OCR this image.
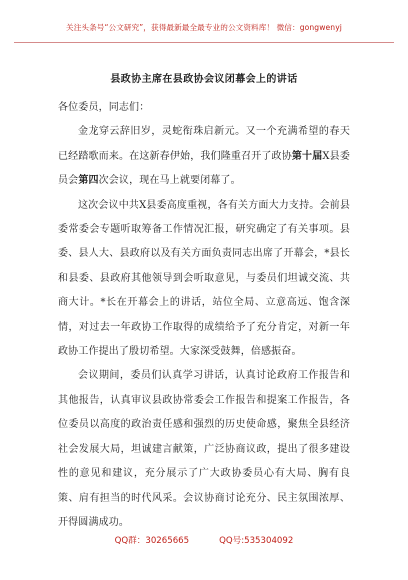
关注头条号“公文研究”，获得最新最全最专业的公文资料库！ 微信：gongwenyj
县政协主席在县政协会议闭幕会上的讲话

各位委员，同志们：

金龙穿云辞旧岁，灵蛇衔珠启新元。又一个充满希望的春天已经踏歌而来。在这新春伊始，我们隆重召开了政协第十届X县委员会第四次会议，现在马上就要闭幕了。

这次会议中共X县委高度重视，各有关方面大力支持。会前县委常委会专题听取筹备工作情况汇报，研究确定了有关事项。县委、县人大、县政府以及有关方面负责同志出席了开幕会，*县长和县委、县政府其他领导到会听取意见，与委员们坦诚交流、共商大计。*长在开幕会上的讲话，站位全局、立意高远、饱含深情，对过去一年政协工作取得的成绩给予了充分肯定，对新一年政协工作提出了殷切希望。大家深受鼓舞，倍感振奋。

会议期间，委员们认真学习讲话，认真讨论政府工作报告和其他报告，认真审议县政协常委会工作报告和提案工作报告，各位委员以高度的政治责任感和强烈的历史使命感，聚焦全县经济社会发展大局，坦诚建言献策，广泛协商议政，提出了很多建设性的意见和建议，充分展示了广大政协委员心有大局、胸有良策、肩有担当的时代风采。会议协商讨论充分、民主氛围浓厚、开得圆满成功。

QQ群：30265665	QQ号:535304092
